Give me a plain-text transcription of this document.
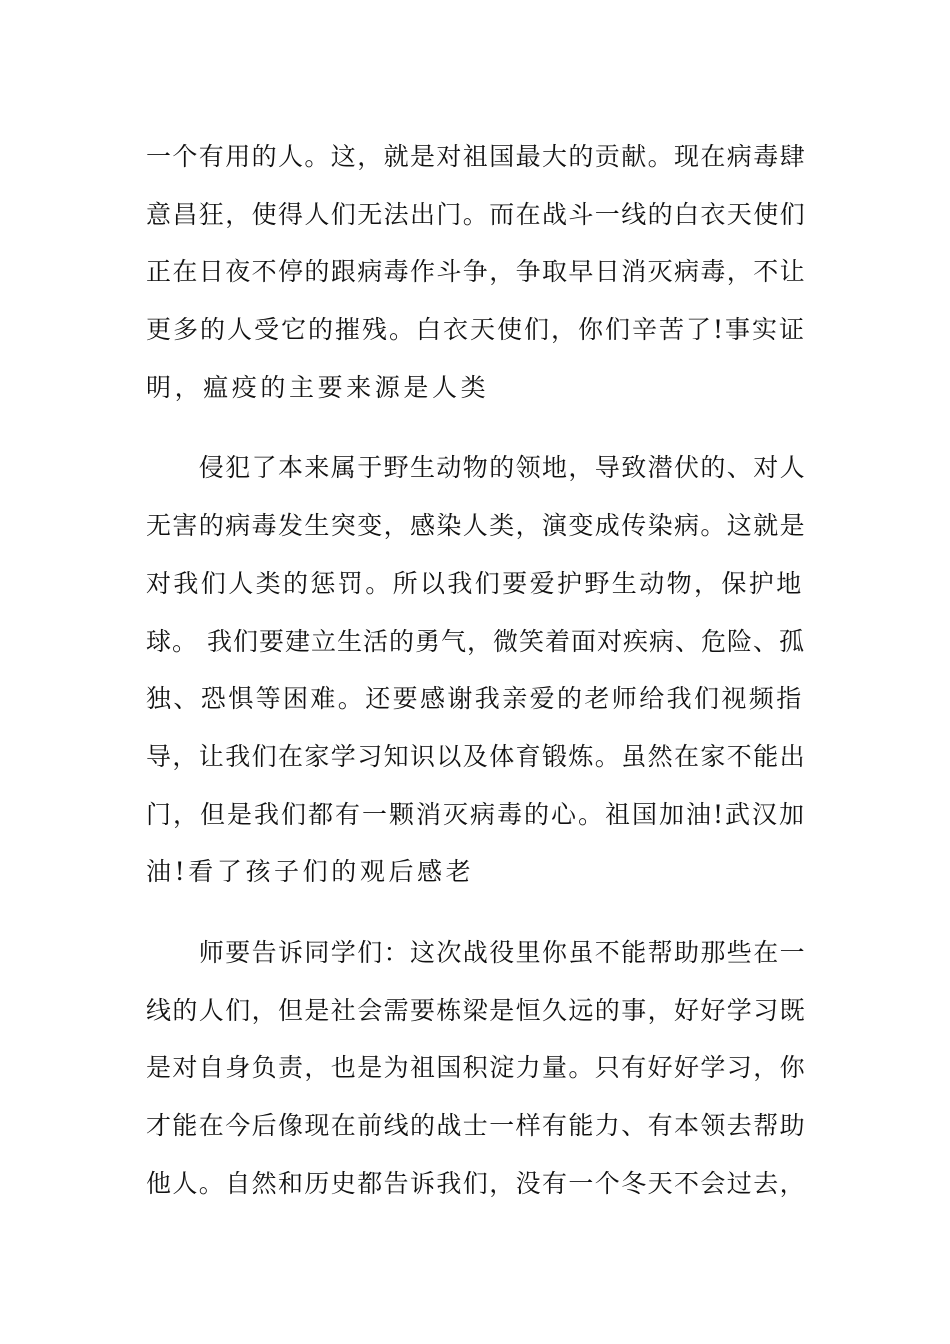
一个有用的人。这，就是对祖国最大的贡献。现在病毒肆
意昌狂，使得人们无法出门。而在战斗一线的白衣天使们
正在日夜不停的跟病毒作斗争，争取早日消灭病毒，不让
更多的人受它的摧残。白衣天使们，你们辛苦了!事实证
明，瘟疫的主要来源是人类
　　侵犯了本来属于野生动物的领地，导致潜伏的、对人
无害的病毒发生突变，感染人类，演变成传染病。这就是
对我们人类的惩罚。所以我们要爱护野生动物，保护地
球。 我们要建立生活的勇气，微笑着面对疾病、危险、孤
独、恐惧等困难。还要感谢我亲爱的老师给我们视频指
导，让我们在家学习知识以及体育锻炼。虽然在家不能出
门，但是我们都有一颗消灭病毒的心。祖国加油!武汉加
油!看了孩子们的观后感老
　　师要告诉同学们：这次战役里你虽不能帮助那些在一
线的人们，但是社会需要栋梁是恒久远的事，好好学习既
是对自身负责，也是为祖国积淀力量。只有好好学习，你
才能在今后像现在前线的战士一样有能力、有本领去帮助
他人。自然和历史都告诉我们，没有一个冬天不会过去，
